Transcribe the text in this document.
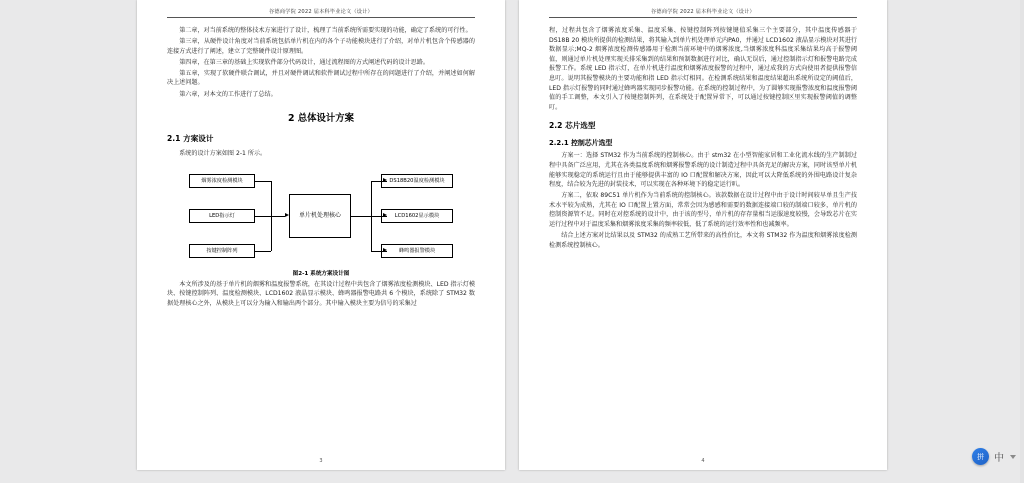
谷德商学院 2022 届本科毕业论文（设计）

第二章，对当前系统的整体技术方案进行了设计，梳理了当前系统所需要实现的功能，确定了系统的可行性。

第三章，从硬件设计角度对当前系统包括单片机在内的各个子功能模块进行了介绍，对单片机包含个传感器的连接方式进行了阐述，建立了完整硬件设计原理图。

第四章，在第三章的基础上实现软件部分代码设计，通过流程图的方式阐述代码的设计思路。

第五章，实现了软硬件联合调试，并且对硬件调试和软件调试过程中所存在的问题进行了介绍，并阐述如何解决上述问题。

第六章，对本文的工作进行了总结。

2 总体设计方案
2.1 方案设计

系统的设计方案如图 2-1 所示。

烟雾浓度检测模块
LED指示灯
按键控制阵列
DS18B20温度检测模块
LCD1602显示模块
蜂鸣器报警模块
单片机处理核心
图2-1 系统方案设计图

本文所涉及的基于单片机的烟雾和温度报警系统，在其设计过程中共包含了烟雾浓度检测模块、LED 指示灯模块、按键控制阵列、温度检测模块、LCD1602 液晶显示模块、蜂鸣器报警电路共 6 个模块，系统除了 STM32 数据处理核心之外，从模块上可以分为输入和输出两个部分。其中输入模块主要为信号的采集过

3
谷德商学院 2022 届本科毕业论文（设计）

程，过程共包含了烟雾浓度采集、温度采集、按键控制阵列按键键值采集三个主要部分，其中温度传感器于 DS18B 20 模块所提供的检测结果，将其输入到单片机处理单元内PA0，并通过 LCD1602 液晶显示模块对其进行数据显示;MQ-2 烟雾浓度检测传感器用于检测当前环境中的烟雾浓度,当烟雾浓度科温度采集结果均高于报警阈值，则通过单片机处理实现关排采集到的结果和预制数据进行对比，确认无误后，通过控制指示灯和报警电路完成报警工作。系统 LED 指示灯，在单片机进行温度和烟雾浓度报警的过程中，通过成我的方式向使用者提供报警信息叮。说明其报警模块的主要功能和指 LED 指示灯相同。在检测系统结果和温度结果超出系统所设定的阈值后，LED 指示灯报警的同时通过蜂鸣器实现同步报警功能。在系统的控制过程中，为了圆够实现报警浓度和温度报警阈值的手工调整，本文引入了按键控制阵列，在系统处于配置异常下，可以通过按键控制区里实现报警阈值的调整叮。

2.2 芯片选型
2.2.1 控制芯片选型

方案一：选择 STM32 作为当前系统的控制核心。由于 stm32 在小型智能家居和工业化流水线的生产制制过程中具备广泛应用，尤其在各类温度系统和烟雾报警系统的设计制造过程中具备充足的解决方案，同时该型单片机能够实现稳定的系统运行且由于能够提供丰富的 IO 口配置和解决方案，因此可以大降低系统的外围电路设计复杂程度，结合较为先进的封装技术，可以实现在各种环境下的稳定运行叭。

方案二，依取 89C51 单片机作为当前系统的控制核心。该款数据在设计过程中由于设计时间较早单且生产技术水平较为成熟，尤其在 IO 口配置上置方面，常常会因为感感和需要的数据连接端口较的制端口较多，单片机的控制资源管不足。同时在对控系统的设计中，由于该的型号，单片机的存存量相当运服速度较慢，会导致芯片在实运行过程中对于温度采集和烟雾浓度采集的频率较低，低了系统的运行效率性和也减频率。

结合上述方案对比结果以及 STM32 的成熟工艺所带来的高性价比，本文将 STM32 作为温度和烟雾浓度检测检测系统控制核心。

4
拼	中
